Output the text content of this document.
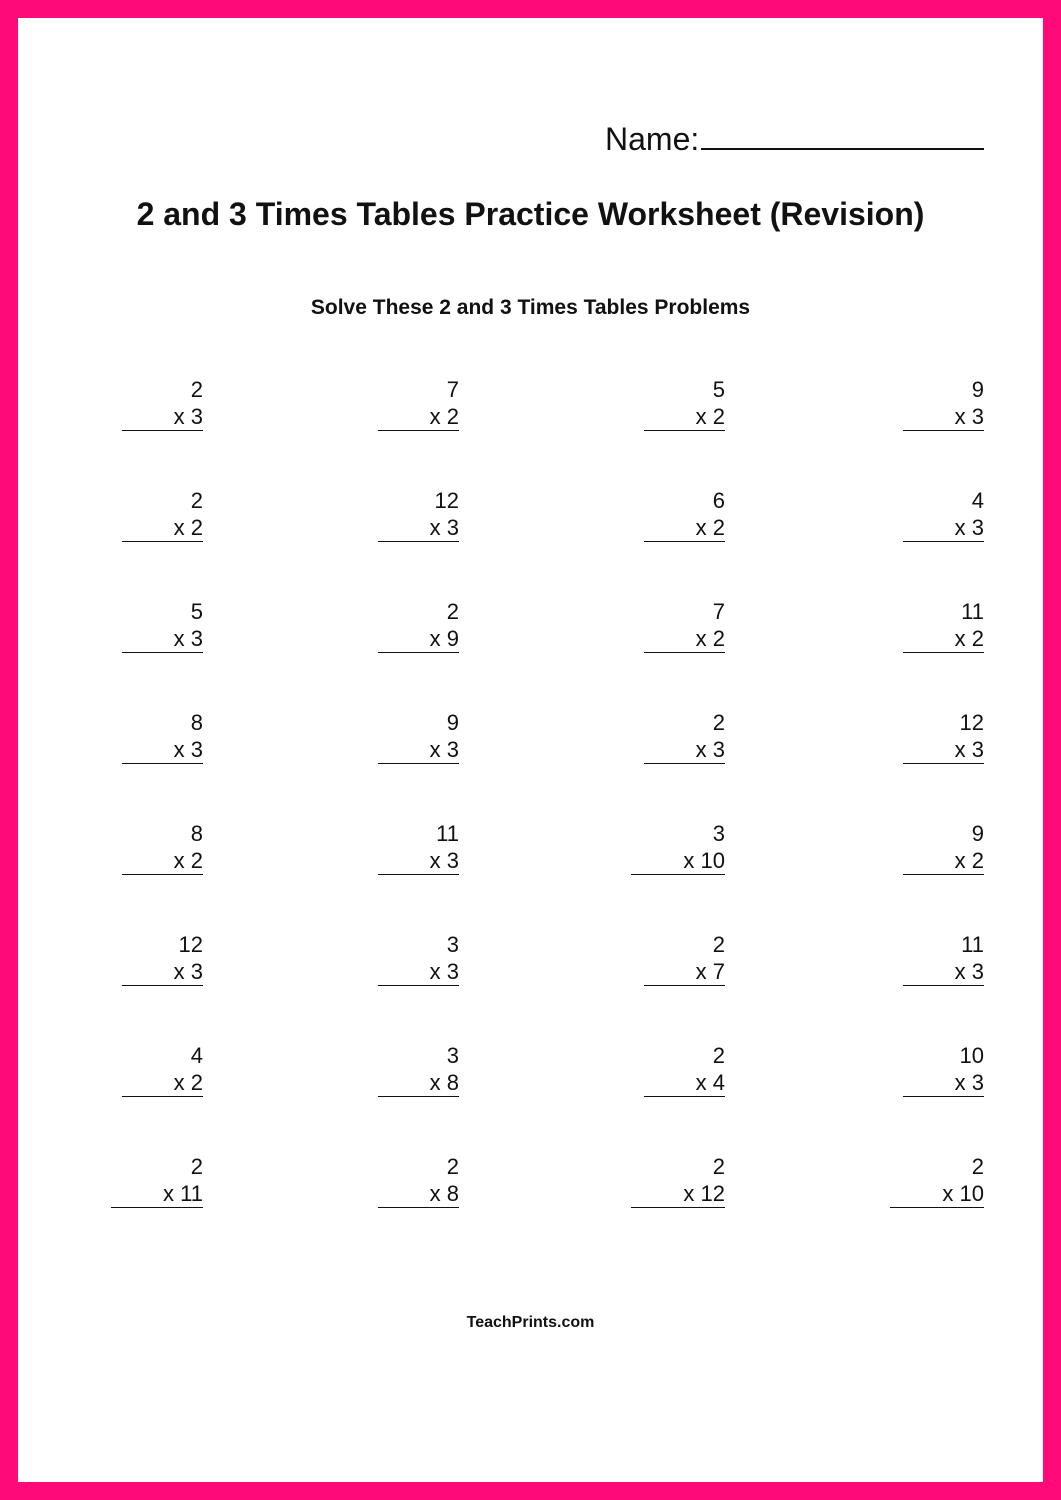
Name:
2 and 3 Times Tables Practice Worksheet (Revision)
Solve These 2 and 3 Times Tables Problems
2
x 3
7
x 2
5
x 2
9
x 3
2
x 2
12
x 3
6
x 2
4
x 3
5
x 3
2
x 9
7
x 2
11
x 2
8
x 3
9
x 3
2
x 3
12
x 3
8
x 2
11
x 3
3
x 10
9
x 2
12
x 3
3
x 3
2
x 7
11
x 3
4
x 2
3
x 8
2
x 4
10
x 3
2
x 11
2
x 8
2
x 12
2
x 10
TeachPrints.com
